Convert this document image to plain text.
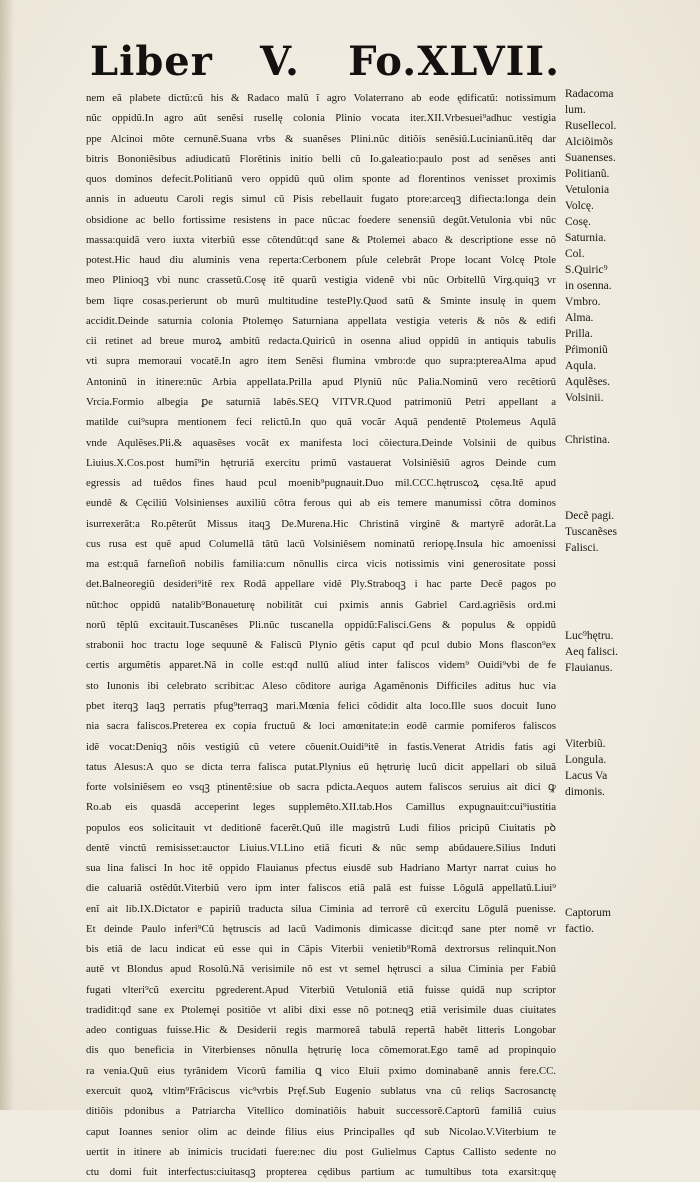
Liber V. Fo.XLVII.
nem eã plabete dictũ:cũ his & Radaco malũ ĩ agro Volaterrano ab eode ędificatũ: notissimum
nũc oppidũ.In agro aũt senẽsi rusellę colonia Plinio vocata iter.XII.Vrbesuei⁹adhuc vestigia
ppe Alcinoi mõte cernunẽ.Suana vrbs & suanẽses Plini.nũc ditiõis senẽsiũ.Lucinianũ.itẽq dar
bitris Bononiẽsibus adiudicatũ Florẽtinis initio belli cũ Io.galeatio:paulo post ad senẽses anti
quos dominos defecit.Politianũ vero oppidũ quũ olim sponte ad florentinos venisset proximis
annis in adueutu Caroli regis simul cũ Pisis rebellauit fugato ptore:arceqꝫ difiecta:longa dein
obsidione ac bello fortissime resistens in pace nũc:ac foedere senensiũ degũt.Vetulonia vbi nũc
massa:quidã vero iuxta viterbiũ esse cõtendũt:qd sane & Ptolemei abaco & descriptione esse nõ
potest.Hic haud diu aluminis vena reperta:Cerbonem pſule celebrãt Prope locant Volcę Ptole
meo Plinioqꝫ vbi nunc crassetũ.Cosę itẽ quarũ vestigia videnẽ vbi nũc Orbitellũ Virg.quiqꝫ vr
bem liqre cosas.perierunt ob murũ multitudine testePly.Quod satũ & Sminte insulę in quem
accidit.Deinde saturnia colonia Ptolemęo Saturniana appellata vestigia veteris & nõs & edifi
cii retinet ad breue muroꝝ ambitũ redacta.Quiricũ in osenna aliud oppidũ in antiquis tabulis
vti supra memoraui vocatẽ.In agro item Senẽsi flumina vmbro:de quo supra:ptereaAlma apud
Antoninũ in itinere:nũc Arbia appellata.Prilla apud Plyniũ nũc Palia.Nominũ vero recẽtiorũ
Vrcia.Formio albegia ꝑe saturniã labẽs.SEQ VITVR.Quod patrimoniũ Petri appellant a
matilde cui⁹supra mentionem feci relictũ.In quo quã vocãr Aquã pendentẽ Ptolemeus Aqulã
vnde Aqulẽses.Pli.& aquasẽses vocãt ex manifesta loci cõiectura.Deinde Volsinii de quibus
Liuius.X.Cos.post humĩ⁹in hętruriã exercitu primũ vastauerat Volsiniẽsiũ agros Deinde cum
egressis ad tuẽdos fines haud pcul moenib⁹pugnauit.Duo mil.CCC.hętruscoꝝ cęsa.Itẽ apud
eundẽ & Cęciliũ Volsinienses auxiliũ cõtra ferous qui ab eis temere manumissi cõtra dominos
isurrexerãt:a Ro.pẽterũt Missus itaqꝫ De.Murena.Hic Christinã virginẽ & martyrẽ adorãt.La
cus rusa est quẽ apud Columellã tãtũ lacũ Volsiniẽsem nominatũ reriopę.Insula hic amoenissi
ma est:quã farneſioñ nobilis familia:cum nõnullis circa vicis notissimis vini generositate possi
det.Balneoregiũ desideri⁹itẽ rex Rodã appellare vidẽ Ply.Straboqꝫ i hac parte Decẽ pagos po
nũt:hoc oppidũ natalib⁹Bonaueturę nobilitãt cui pximis annis Gabriel Card.agriẽsis ord.mi
norũ tẽplũ excitauit.Tuscanẽses Pli.nũc tuscanella oppidũ:Falisci.Gens & populus & oppidũ
strabonii hoc tractu loge sequunẽ & Faliscũ Plynio gẽtis caput qđ pcul dubio Mons flascon⁹ex
certis argumẽtis apparet.Nã in colle est:qđ nullũ aliud inter faliscos videm⁹ Ouidi⁹vbi de fe
sto Iunonis ibi celebrato scribit:ac Aleso cõditore auriga Agamẽnonis Difficiles aditus huc via
pbet iterqꝫ laqꝫ perratis pfug⁹terraqꝫ mari.Mœnia felici cõdidit alta loco.Ille suos docuit Iuno
nia sacra faliscos.Preterea ex copia fructuũ & loci amœnitate:in eodẽ carmie pomiferos faliscos
idẽ vocat:Deniqꝫ nõis vestigiũ cũ vetere cõuenit.Ouidi⁹itẽ in fastis.Venerat Atridis fatis agi
tatus Alesus:A quo se dicta terra falisca putat.Plynius eũ hętrurię lucũ dicit appellari ob siluã
forte volsiniẽsem eo vsqꝫ ptinentẽ:siue ob sacra pdicta.Aequos autem faliscos seruius ait dici ꝙ
Ro.ab eis quasdã acceperint leges supplemẽto.XII.tab.Hos Camillus expugnauit:cui⁹iustitia
populos eos solicitauit vt deditionẽ facerẽt.Quũ ille magistrũ Ludi filios pricipũ Ciuitatis pꝺ
dentẽ vinctũ remisisset:auctor Liuius.VI.Lino etiã ficuti & nũc semp abũdauere.Silius Induti
sua lina falisci In hoc itẽ oppido Flauianus pfectus eiusdẽ sub Hadriano Martyr narrat cuius ho
die caluariã ostẽdũt.Viterbiũ vero ipm inter faliscos etiã palã est fuisse Lõgulã appellatũ.Liui⁹
enĩ ait lib.IX.Dictator e papiriũ traducta silua Ciminia ad terrorẽ cũ exercitu Lõgulã puenisse.
Et deinde Paulo inferi⁹Cũ hętruscis ad lacũ Vadimonis dimicasse dicit:qđ sane pter nomẽ vr
bis etiã de lacu indicat eũ esse qui in Cãpis Viterbii venietib⁹Romã dextrorsus relinquit.Non
autẽ vt Blondus apud Rosolũ.Nã verisimile nõ est vt semel hętrusci a silua Ciminia per Fabiũ
fugati vlteri⁹cũ exercitu pgrederent.Apud Viterbiũ Vetuloniã etiã fuisse quidã nup scriptor
tradidit:qđ sane ex Ptolemęi positiõe vt alibi dixi esse nõ pot:neqꝫ etiã verisimile duas ciuitates
adeo contiguas fuisse.Hic & Desiderii regis marmoreã tabulã repertã habẽt litteris Longobar
dis quo beneficia in Viterbienses nõnulla hętrurię loca cõmemorat.Ego tamẽ ad propinquio
ra venia.Quũ eius tyrãnidem Vicorũ familia ꝗ vico Eluii pximo dominabanẽ annis fere.CC.
exercuit quoꝝ vltim⁹Frãciscus vic⁹vrbis Pręf.Sub Eugenio sublatus vna cũ reliqs Sacrosanctę
ditiõis pdonibus a Patriarcha Vitellico dominatiõis habuit successorẽ.Captorũ familiã cuius
caput Ioannes senior olim ac deinde filius eius Principalles qđ sub Nicolao.V.Viterbium te
uertit in itinere ab inimicis trucidati fuere:nec diu post Gulielmus Captus Callisto sedente no
ctu domi fuit interfectus:ciuitasqꝫ propterea cędibus partium ac tumultibus tota exarsit:quę
Radacoma
lum.
Rusellecol.
Alciõimõs
Suanenses.
Politianũ.
Vetulonia
Volcę.
Cosę.
Saturnia.
Col.
S.Quiric⁹
in osenna.
Vmbro.
Alma.
Prilla.
Pŕimoniũ
Aqula.
Aqulẽses.
Volsinii.
Christina.
Decẽ pagi.
Tuscanẽses
Falisci.
Luc⁹hętru.
Aeq falisci.
Flauianus.
Viterbiũ.
Longula.
Lacus Va
dimonis.
Captorum
factio.
